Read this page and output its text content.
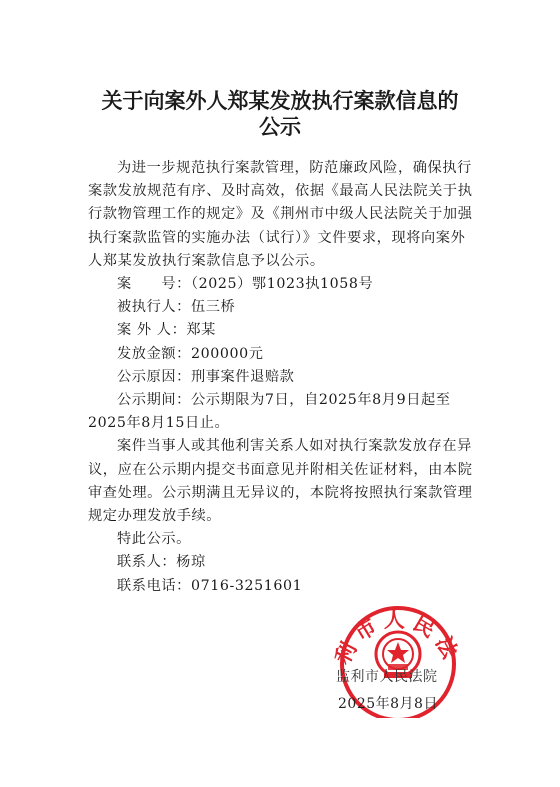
关于向案外人郑某发放执行案款信息的
公示

为进一步规范执行案款管理，防范廉政风险，确保执行案款发放规范有序、及时高效，依据《最高人民法院关于执行款物管理工作的规定》及《荆州市中级人民法院关于加强执行案款监管的实施办法（试行）》文件要求，现将向案外人郑某发放执行案款信息予以公示。

案　　号：（2025）鄂1023执1058号

被执行人：伍三桥

案 外 人：郑某

发放金额：200000元

公示原因：刑事案件退赔款

公示期间：公示期限为7日，自2025年8月9日起至2025年8月15日止。

案件当事人或其他利害关系人如对执行案款发放存在异议，应在公示期内提交书面意见并附相关佐证材料，由本院审查处理。公示期满且无异议的，本院将按照执行案款管理规定办理发放手续。

特此公示。

联系人：杨琼

联系电话：0716-3251601

利市人民法
监利市人民法院
2025年8月8日
